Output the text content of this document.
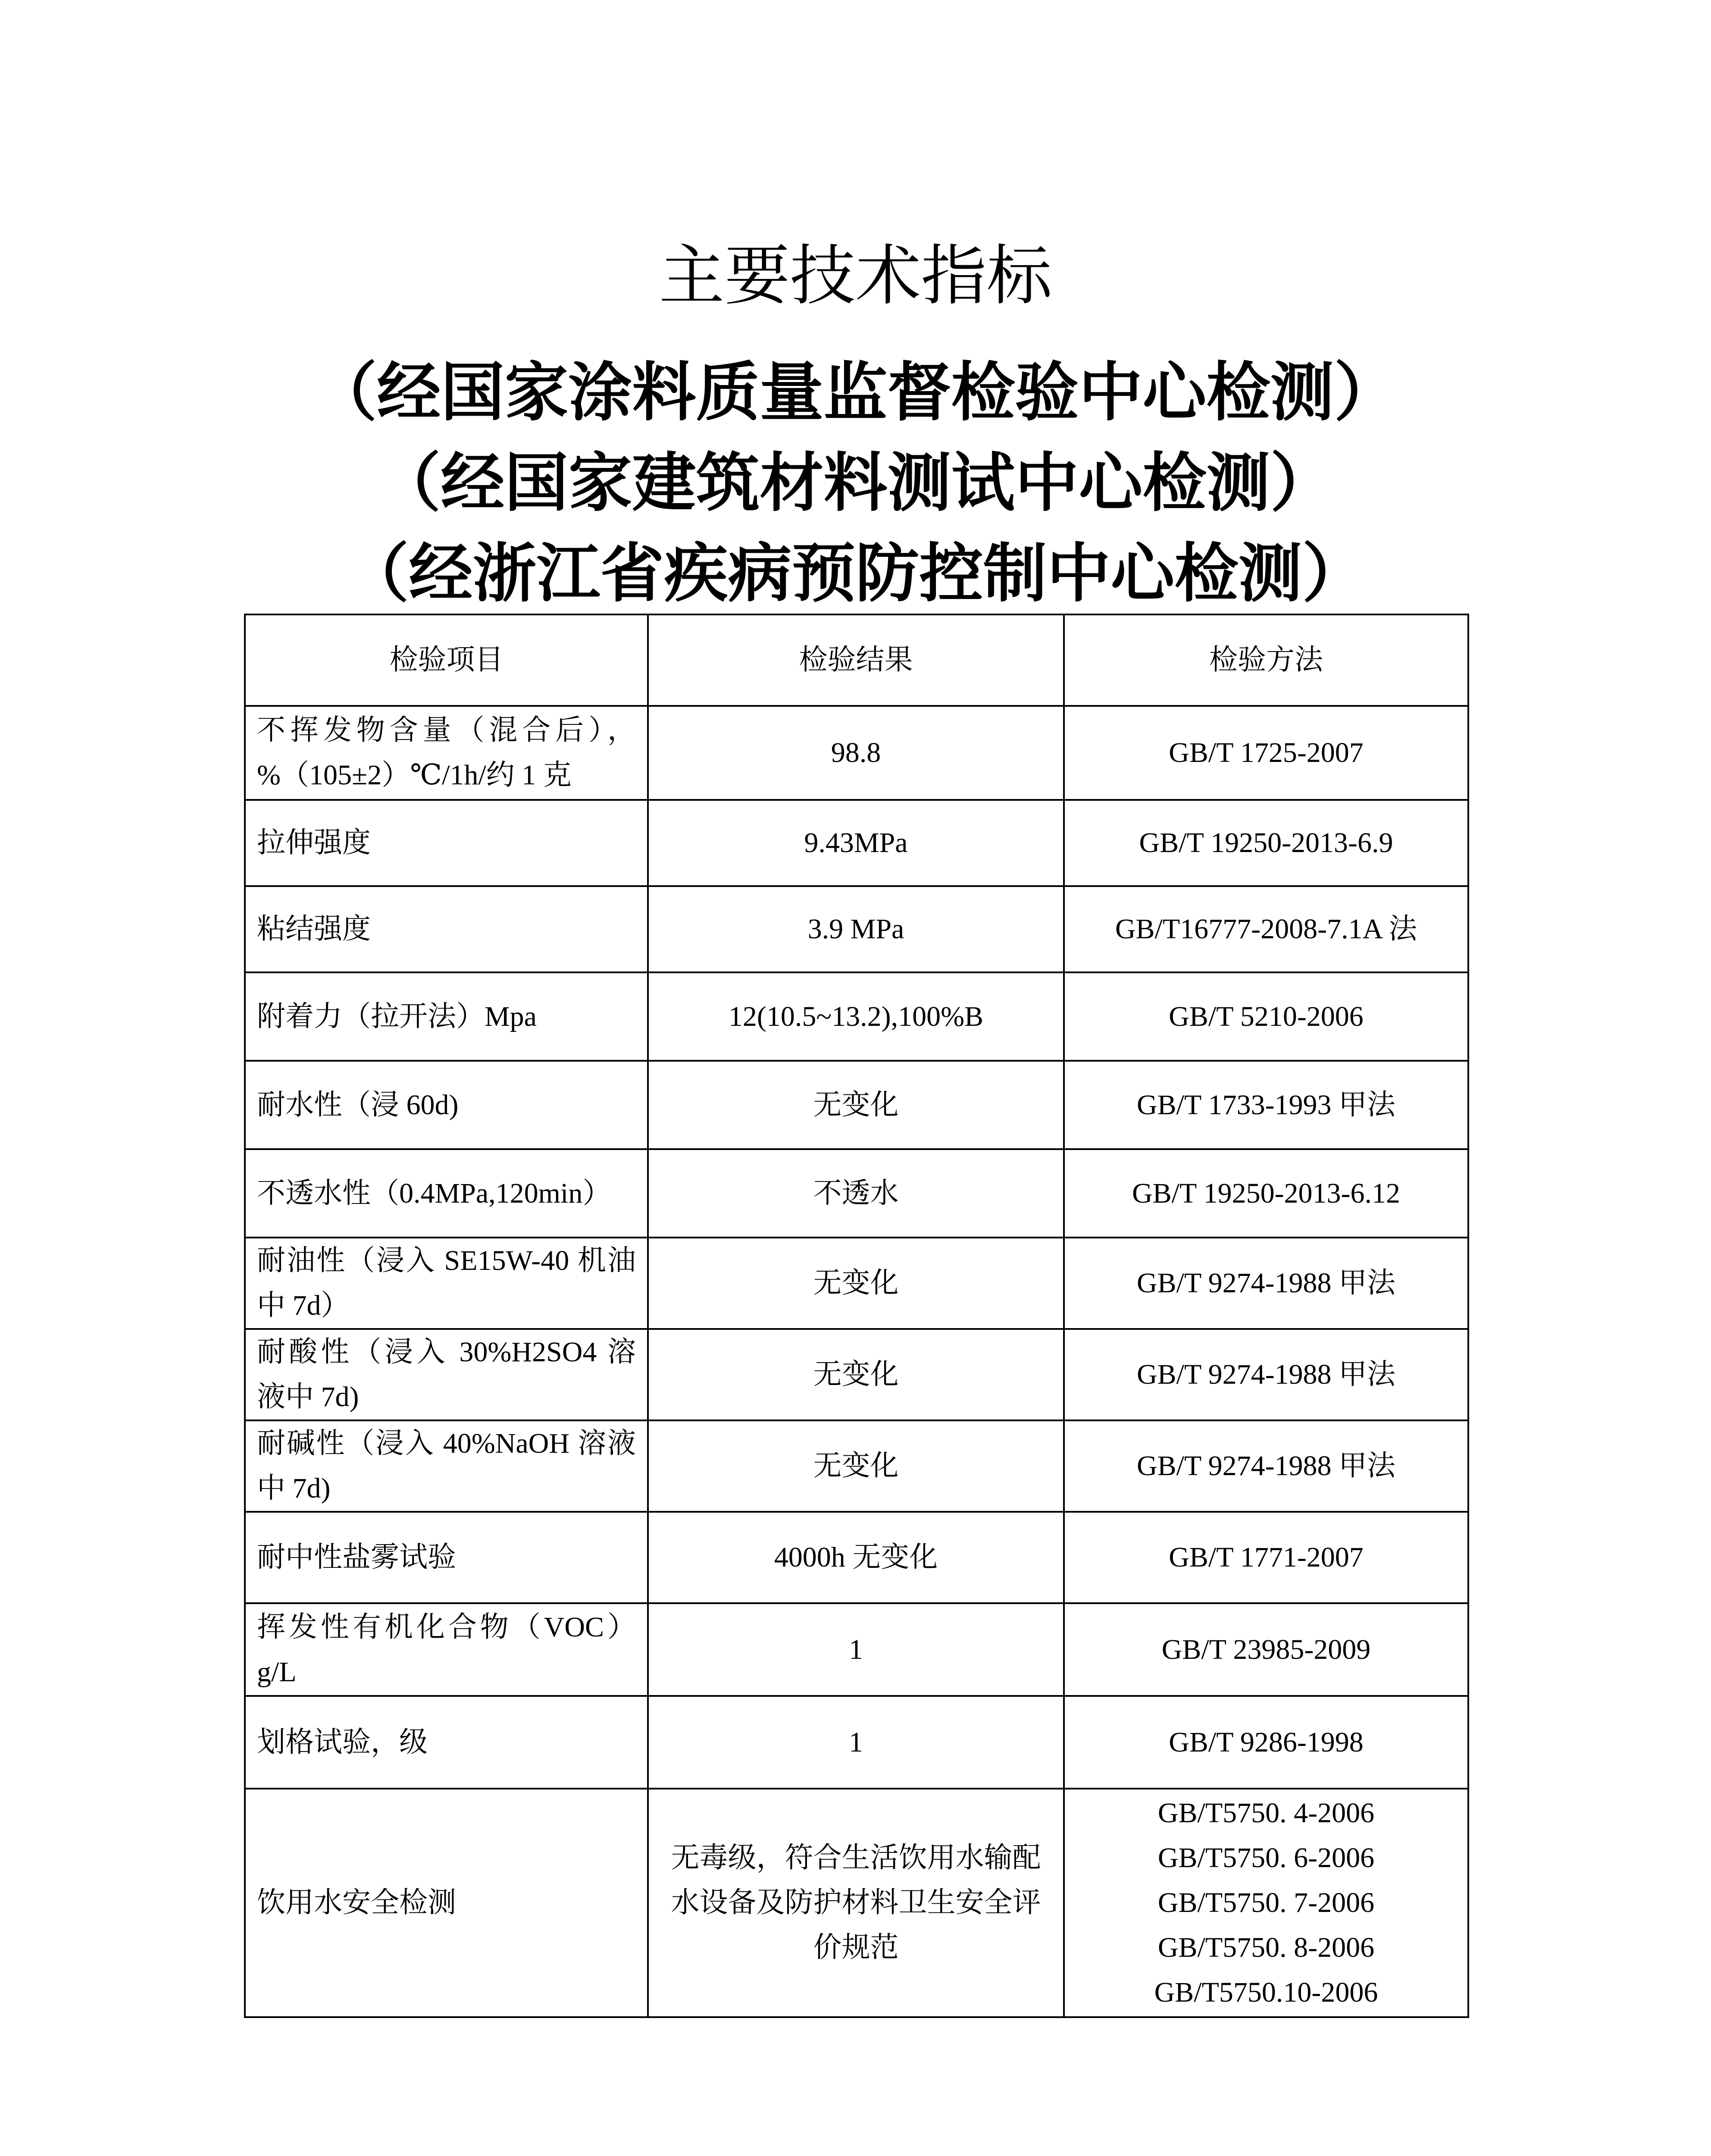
主要技术指标
（经国家涂料质量监督检验中心检测）
（经国家建筑材料测试中心检测）
（经浙江省疾病预防控制中心检测）
检验项目	检验结果	检验方法
不挥发物含量（混合后），%（105±2）℃/1h/约 1 克	98.8	GB/T 1725-2007
拉伸强度	9.43MPa	GB/T 19250-2013-6.9
粘结强度	3.9 MPa	GB/T16777-2008-7.1A 法
附着力（拉开法）Mpa	12(10.5~13.2),100%B	GB/T 5210-2006
耐水性（浸 60d)	无变化	GB/T 1733-1993 甲法
不透水性（0.4MPa,120min）	不透水	GB/T 19250-2013-6.12
耐油性（浸入 SE15W-40 机油中 7d）	无变化	GB/T 9274-1988 甲法
耐酸性（浸入 30%H2SO4 溶液中 7d)	无变化	GB/T 9274-1988 甲法
耐碱性（浸入 40%NaOH 溶液中 7d)	无变化	GB/T 9274-1988 甲法
耐中性盐雾试验	4000h 无变化	GB/T 1771-2007
挥发性有机化合物（VOC）g/L	1	GB/T 23985-2009
划格试验，级	1	GB/T 9286-1998
饮用水安全检测	无毒级，符合生活饮用水输配水设备及防护材料卫生安全评价规范	GB/T5750. 4-2006
GB/T5750. 6-2006
GB/T5750. 7-2006
GB/T5750. 8-2006
GB/T5750.10-2006
